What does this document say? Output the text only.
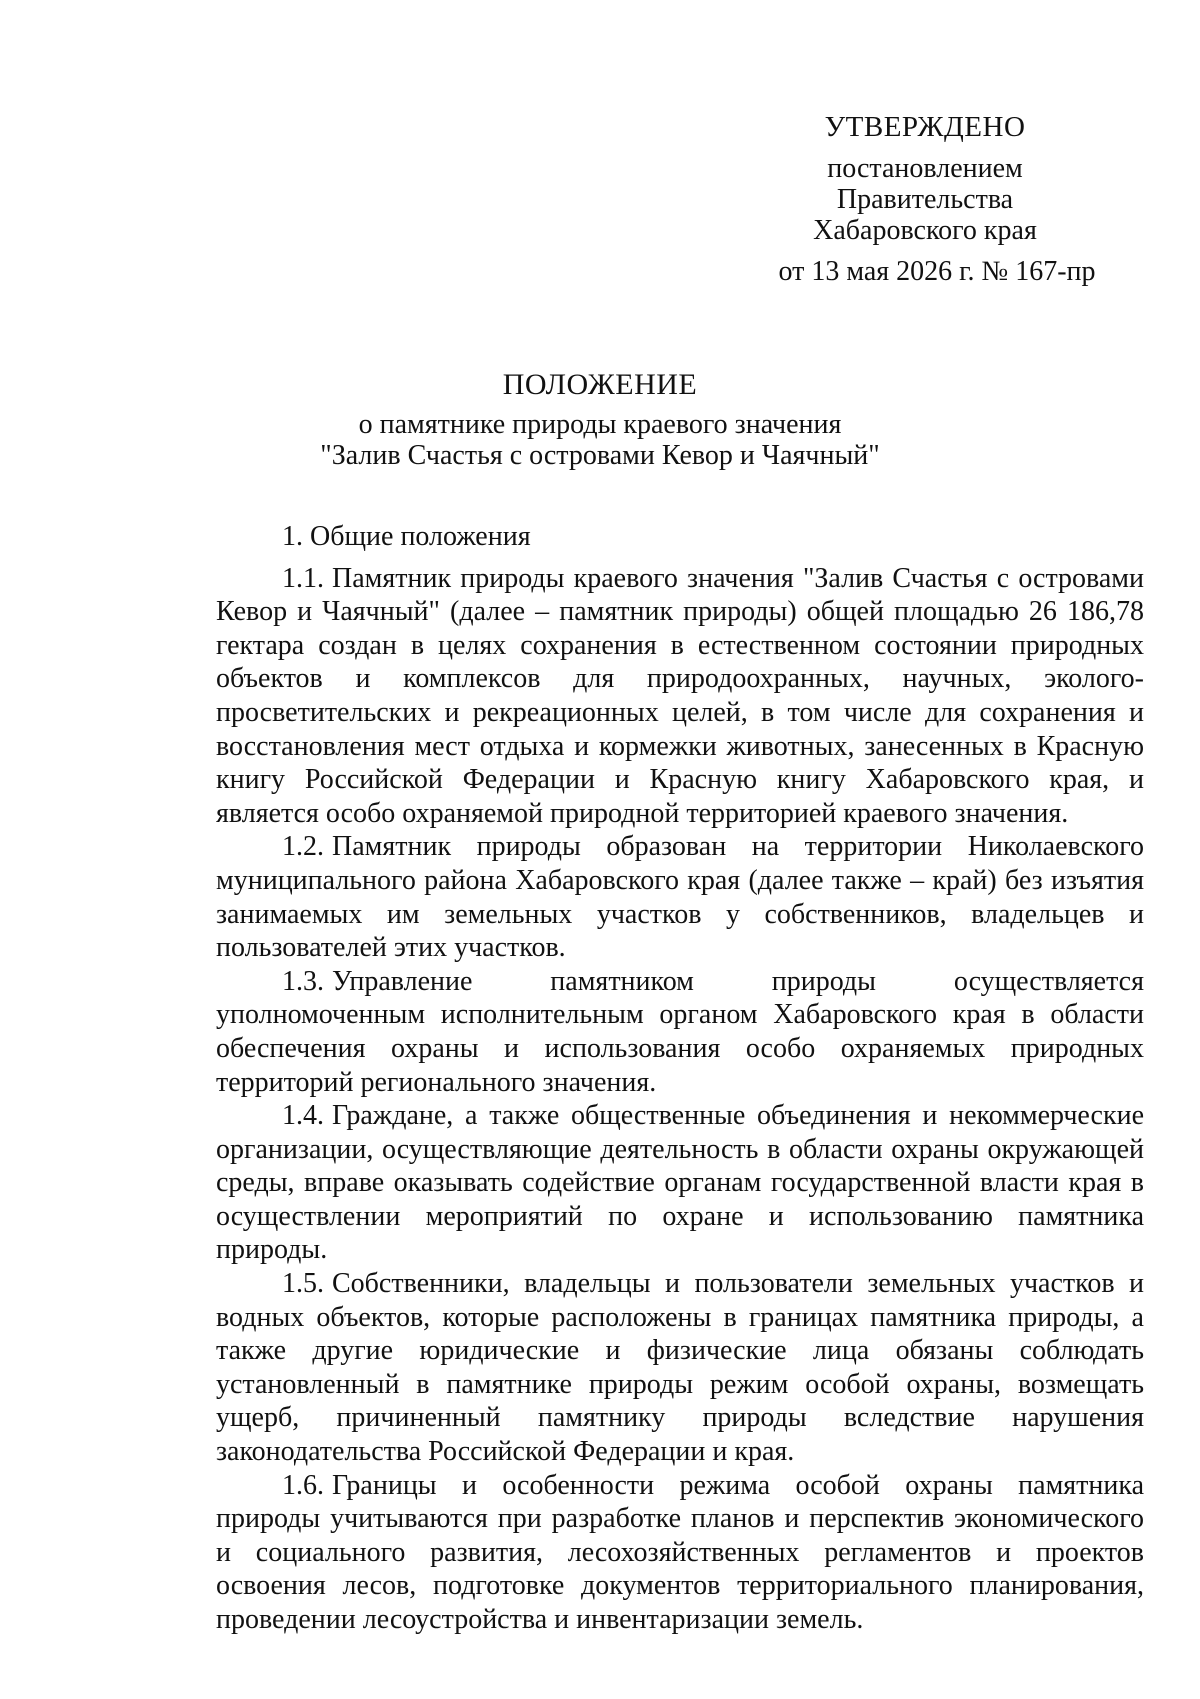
УТВЕРЖДЕНО
постановлением
Правительства
Хабаровского края
от 13 мая 2026 г. № 167-пр
ПОЛОЖЕНИЕ
о памятнике природы краевого значения
"Залив Счастья с островами Кевор и Чаячный"
1. Общие положения

1.1. Памятник природы краевого значения "Залив Счастья с островами Кевор и Чаячный" (далее – памятник природы) общей площадью 26 186,78 гектара создан в целях сохранения в естественном состоянии природных объектов и комплексов для природоохранных, научных, эколого-просветительских и рекреационных целей, в том числе для сохранения и восстановления мест отдыха и кормежки животных, занесенных в Красную книгу Российской Федерации и Красную книгу Хабаровского края, и является особо охраняемой природной территорией краевого значения.

1.2. Памятник природы образован на территории Николаевского муниципального района Хабаровского края (далее также – край) без изъятия занимаемых им земельных участков у собственников, владельцев и пользователей этих участков.

1.3. Управление памятником природы осуществляется уполномоченным исполнительным органом Хабаровского края в области обеспечения охраны и использования особо охраняемых природных территорий регионального значения.

1.4. Граждане, а также общественные объединения и некоммерческие организации, осуществляющие деятельность в области охраны окружающей среды, вправе оказывать содействие органам государственной власти края в осуществлении мероприятий по охране и использованию памятника природы.

1.5. Собственники, владельцы и пользователи земельных участков и водных объектов, которые расположены в границах памятника природы, а также другие юридические и физические лица обязаны соблюдать установленный в памятнике природы режим особой охраны, возмещать ущерб, причиненный памятнику природы вследствие нарушения законодательства Российской Федерации и края.

1.6. Границы и особенности режима особой охраны памятника природы учитываются при разработке планов и перспектив экономического и социального развития, лесохозяйственных регламентов и проектов освоения лесов, подготовке документов территориального планирования, проведении лесоустройства и инвентаризации земель.
